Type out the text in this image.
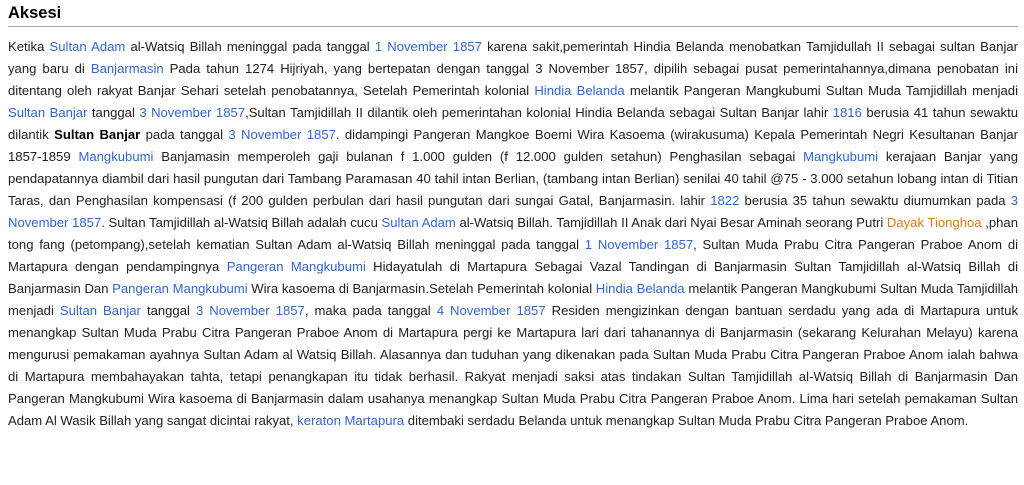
Aksesi

Ketika Sultan Adam al-Watsiq Billah meninggal pada tanggal 1 November 1857 karena sakit,pemerintah Hindia Belanda menobatkan Tamjidullah II sebagai sultan Banjar yang baru di Banjarmasin Pada tahun 1274 Hijriyah, yang bertepatan dengan tanggal 3 November 1857, dipilih sebagai pusat pemerintahannya,dimana penobatan ini ditentang oleh rakyat Banjar Sehari setelah penobatannya, Setelah Pemerintah kolonial Hindia Belanda melantik Pangeran Mangkubumi Sultan Muda Tamjidillah menjadi Sultan Banjar tanggal 3 November 1857,Sultan Tamjidillah II dilantik oleh pemerintahan kolonial Hindia Belanda sebagai Sultan Banjar lahir 1816 berusia 41 tahun sewaktu dilantik Sultan Banjar pada tanggal 3 November 1857. didampingi Pangeran Mangkoe Boemi Wira Kasoema (wirakusuma) Kepala Pemerintah Negri Kesultanan Banjar 1857-1859 Mangkubumi Banjamasin memperoleh gaji bulanan f 1.000 gulden (f 12.000 gulden setahun) Penghasilan sebagai Mangkubumi kerajaan Banjar yang pendapatannya diambil dari hasil pungutan dari Tambang Paramasan 40 tahil intan Berlian, (tambang intan Berlian) senilai 40 tahil @75 - 3.000 setahun lobang intan di Titian Taras, dan Penghasilan kompensasi (f 200 gulden perbulan dari hasil pungutan dari sungai Gatal, Banjarmasin. lahir 1822 berusia 35 tahun sewaktu diumumkan pada 3 November 1857. Sultan Tamjidillah al-Watsiq Billah adalah cucu Sultan Adam al-Watsiq Billah. Tamjidillah II Anak dari Nyai Besar Aminah seorang Putri Dayak Tionghoa ,phan tong fang (petompang),setelah kematian Sultan Adam al-Watsiq Billah meninggal pada tanggal 1 November 1857, Sultan Muda Prabu Citra Pangeran Praboe Anom di Martapura dengan pendampingnya Pangeran Mangkubumi Hidayatulah di Martapura Sebagai Vazal Tandingan di Banjarmasin Sultan Tamjidillah al-Watsiq Billah di Banjarmasin Dan Pangeran Mangkubumi Wira kasoema di Banjarmasin.Setelah Pemerintah kolonial Hindia Belanda melantik Pangeran Mangkubumi Sultan Muda Tamjidillah menjadi Sultan Banjar tanggal 3 November 1857, maka pada tanggal 4 November 1857 Residen mengizinkan dengan bantuan serdadu yang ada di Martapura untuk menangkap Sultan Muda Prabu Citra Pangeran Praboe Anom di Martapura pergi ke Martapura lari dari tahanannya di Banjarmasin (sekarang Kelurahan Melayu) karena mengurusi pemakaman ayahnya Sultan Adam al Watsiq Billah. Alasannya dan tuduhan yang dikenakan pada Sultan Muda Prabu Citra Pangeran Praboe Anom ialah bahwa di Martapura membahayakan tahta, tetapi penangkapan itu tidak berhasil. Rakyat menjadi saksi atas tindakan Sultan Tamjidillah al-Watsiq Billah di Banjarmasin Dan Pangeran Mangkubumi Wira kasoema di Banjarmasin dalam usahanya menangkap Sultan Muda Prabu Citra Pangeran Praboe Anom. Lima hari setelah pemakaman Sultan Adam Al Wasik Billah yang sangat dicintai rakyat, keraton Martapura ditembaki serdadu Belanda untuk menangkap Sultan Muda Prabu Citra Pangeran Praboe Anom.
